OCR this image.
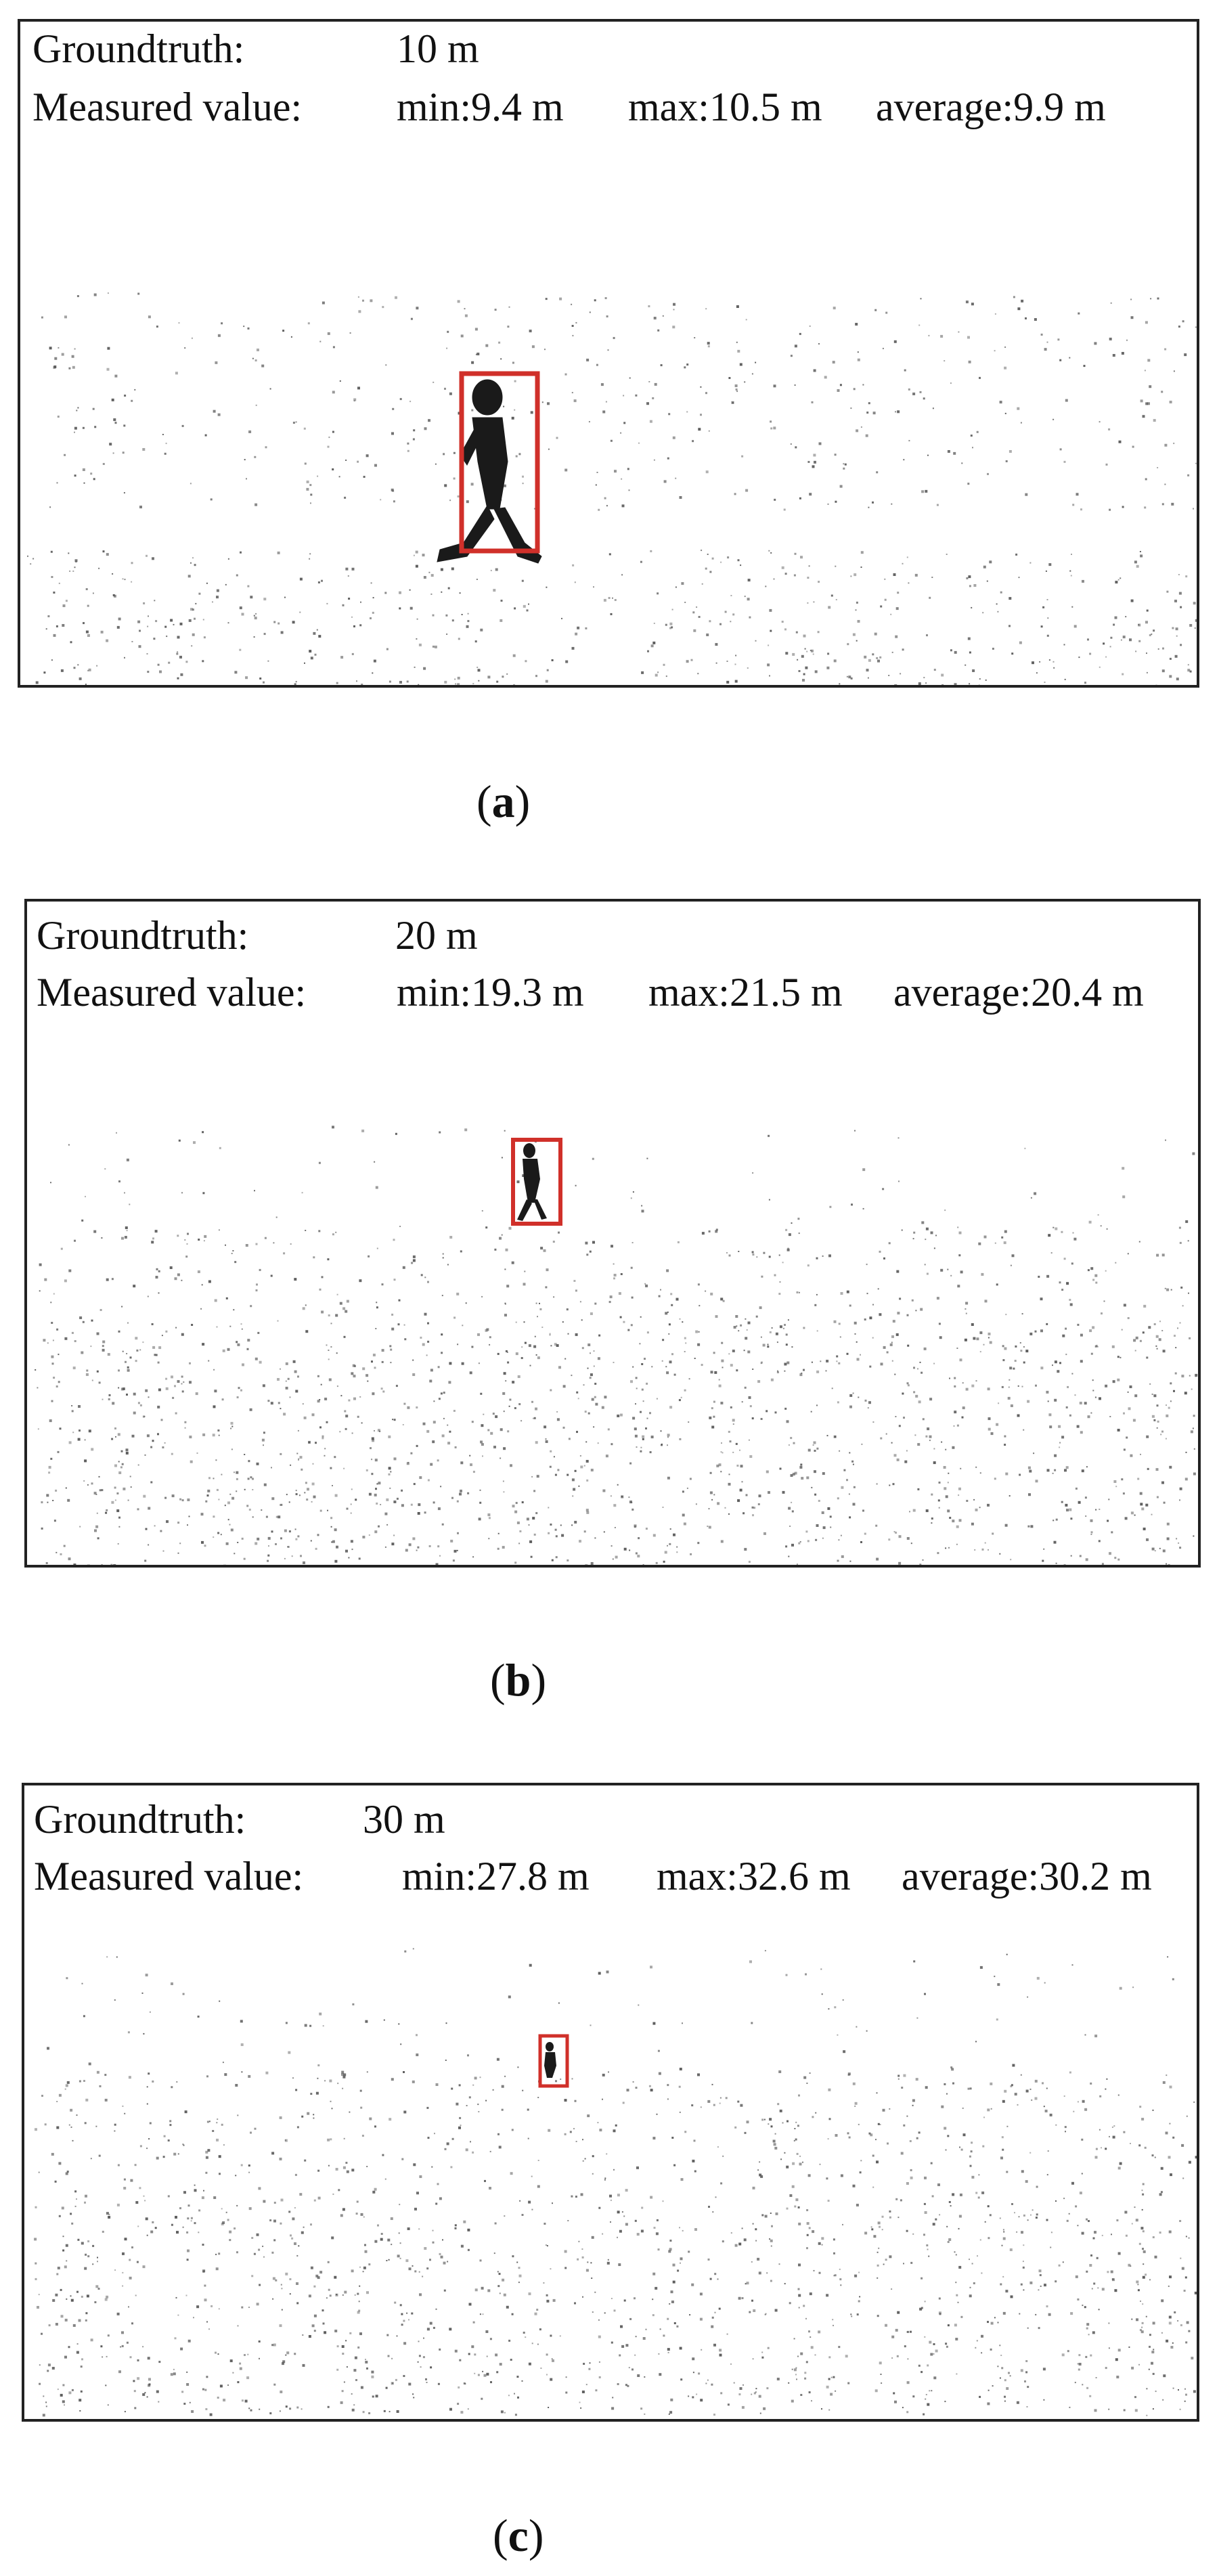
Groundtruth:	10 m
Measured value: min:9.4 m max:10.5 m average:9.9 m
(a)
Groundtruth:	20 m
Measured value: min:19.3 m max:21.5 m average:20.4 m
(b)
Groundtruth:	30 m
Measured value: min:27.8 m max:32.6 m average:30.2 m
(c)
